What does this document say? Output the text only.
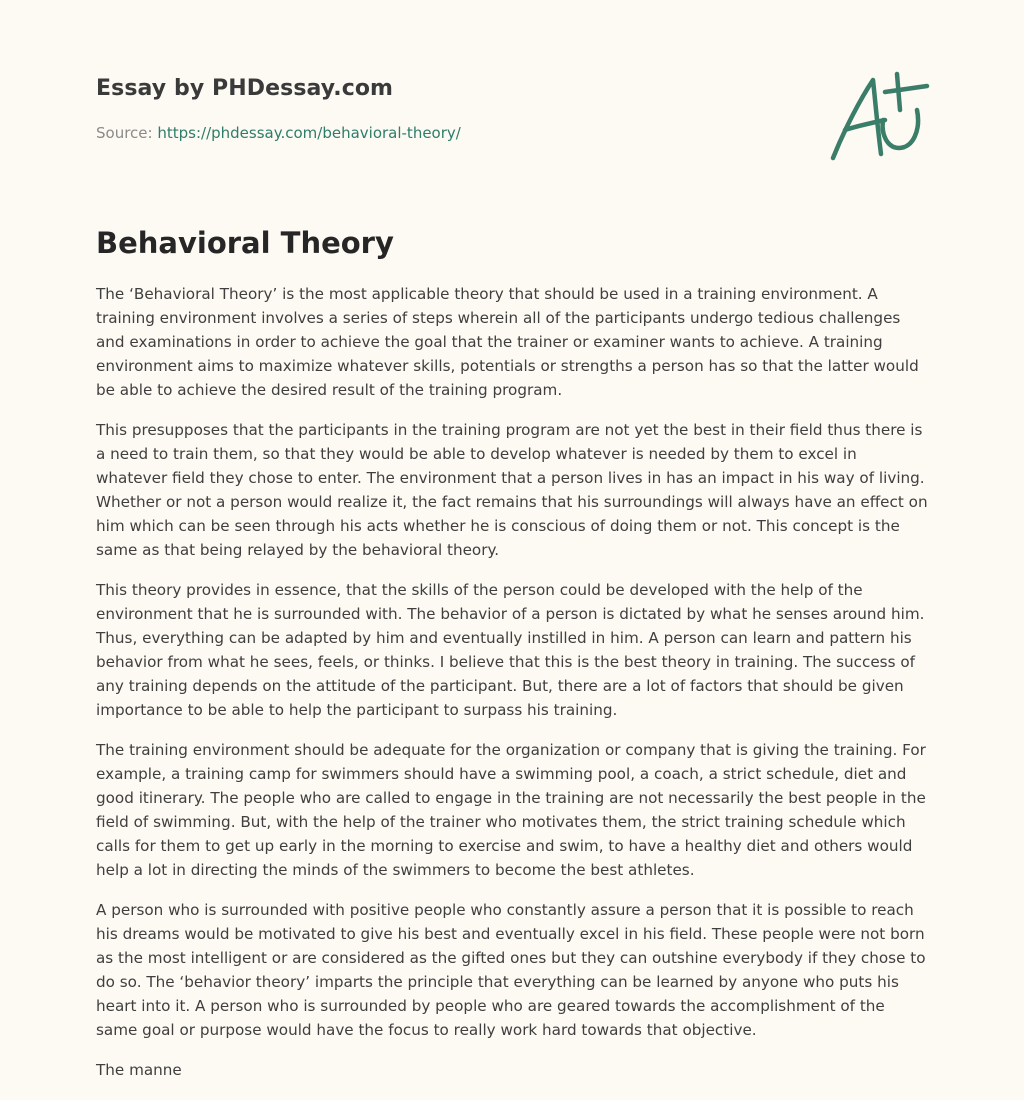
Essay by PHDessay.com
Source: https://phdessay.com/behavioral-theory/
Behavioral Theory

The ‘Behavioral Theory’ is the most applicable theory that should be used in a training environment. A training environment involves a series of steps wherein all of the participants undergo tedious challenges and examinations in order to achieve the goal that the trainer or examiner wants to achieve. A training environment aims to maximize whatever skills, potentials or strengths a person has so that the latter would be able to achieve the desired result of the training program.

This presupposes that the participants in the training program are not yet the best in their field thus there is a need to train them, so that they would be able to develop whatever is needed by them to excel in whatever field they chose to enter. The environment that a person lives in has an impact in his way of living. Whether or not a person would realize it, the fact remains that his surroundings will always have an effect on him which can be seen through his acts whether he is conscious of doing them or not. This concept is the same as that being relayed by the behavioral theory.

This theory provides in essence, that the skills of the person could be developed with the help of the environment that he is surrounded with. The behavior of a person is dictated by what he senses around him. Thus, everything can be adapted by him and eventually instilled in him. A person can learn and pattern his behavior from what he sees, feels, or thinks. I believe that this is the best theory in training. The success of any training depends on the attitude of the participant. But, there are a lot of factors that should be given importance to be able to help the participant to surpass his training.

The training environment should be adequate for the organization or company that is giving the training. For example, a training camp for swimmers should have a swimming pool, a coach, a strict schedule, diet and good itinerary. The people who are called to engage in the training are not necessarily the best people in the field of swimming. But, with the help of the trainer who motivates them, the strict training schedule which calls for them to get up early in the morning to exercise and swim, to have a healthy diet and others would help a lot in directing the minds of the swimmers to become the best athletes.

A person who is surrounded with positive people who constantly assure a person that it is possible to reach his dreams would be motivated to give his best and eventually excel in his field. These people were not born as the most intelligent or are considered as the gifted ones but they can outshine everybody if they chose to do so. The ‘behavior theory’ imparts the principle that everything can be learned by anyone who puts his heart into it. A person who is surrounded by people who are geared towards the accomplishment of the same goal or purpose would have the focus to really work hard towards that objective.

The manne
